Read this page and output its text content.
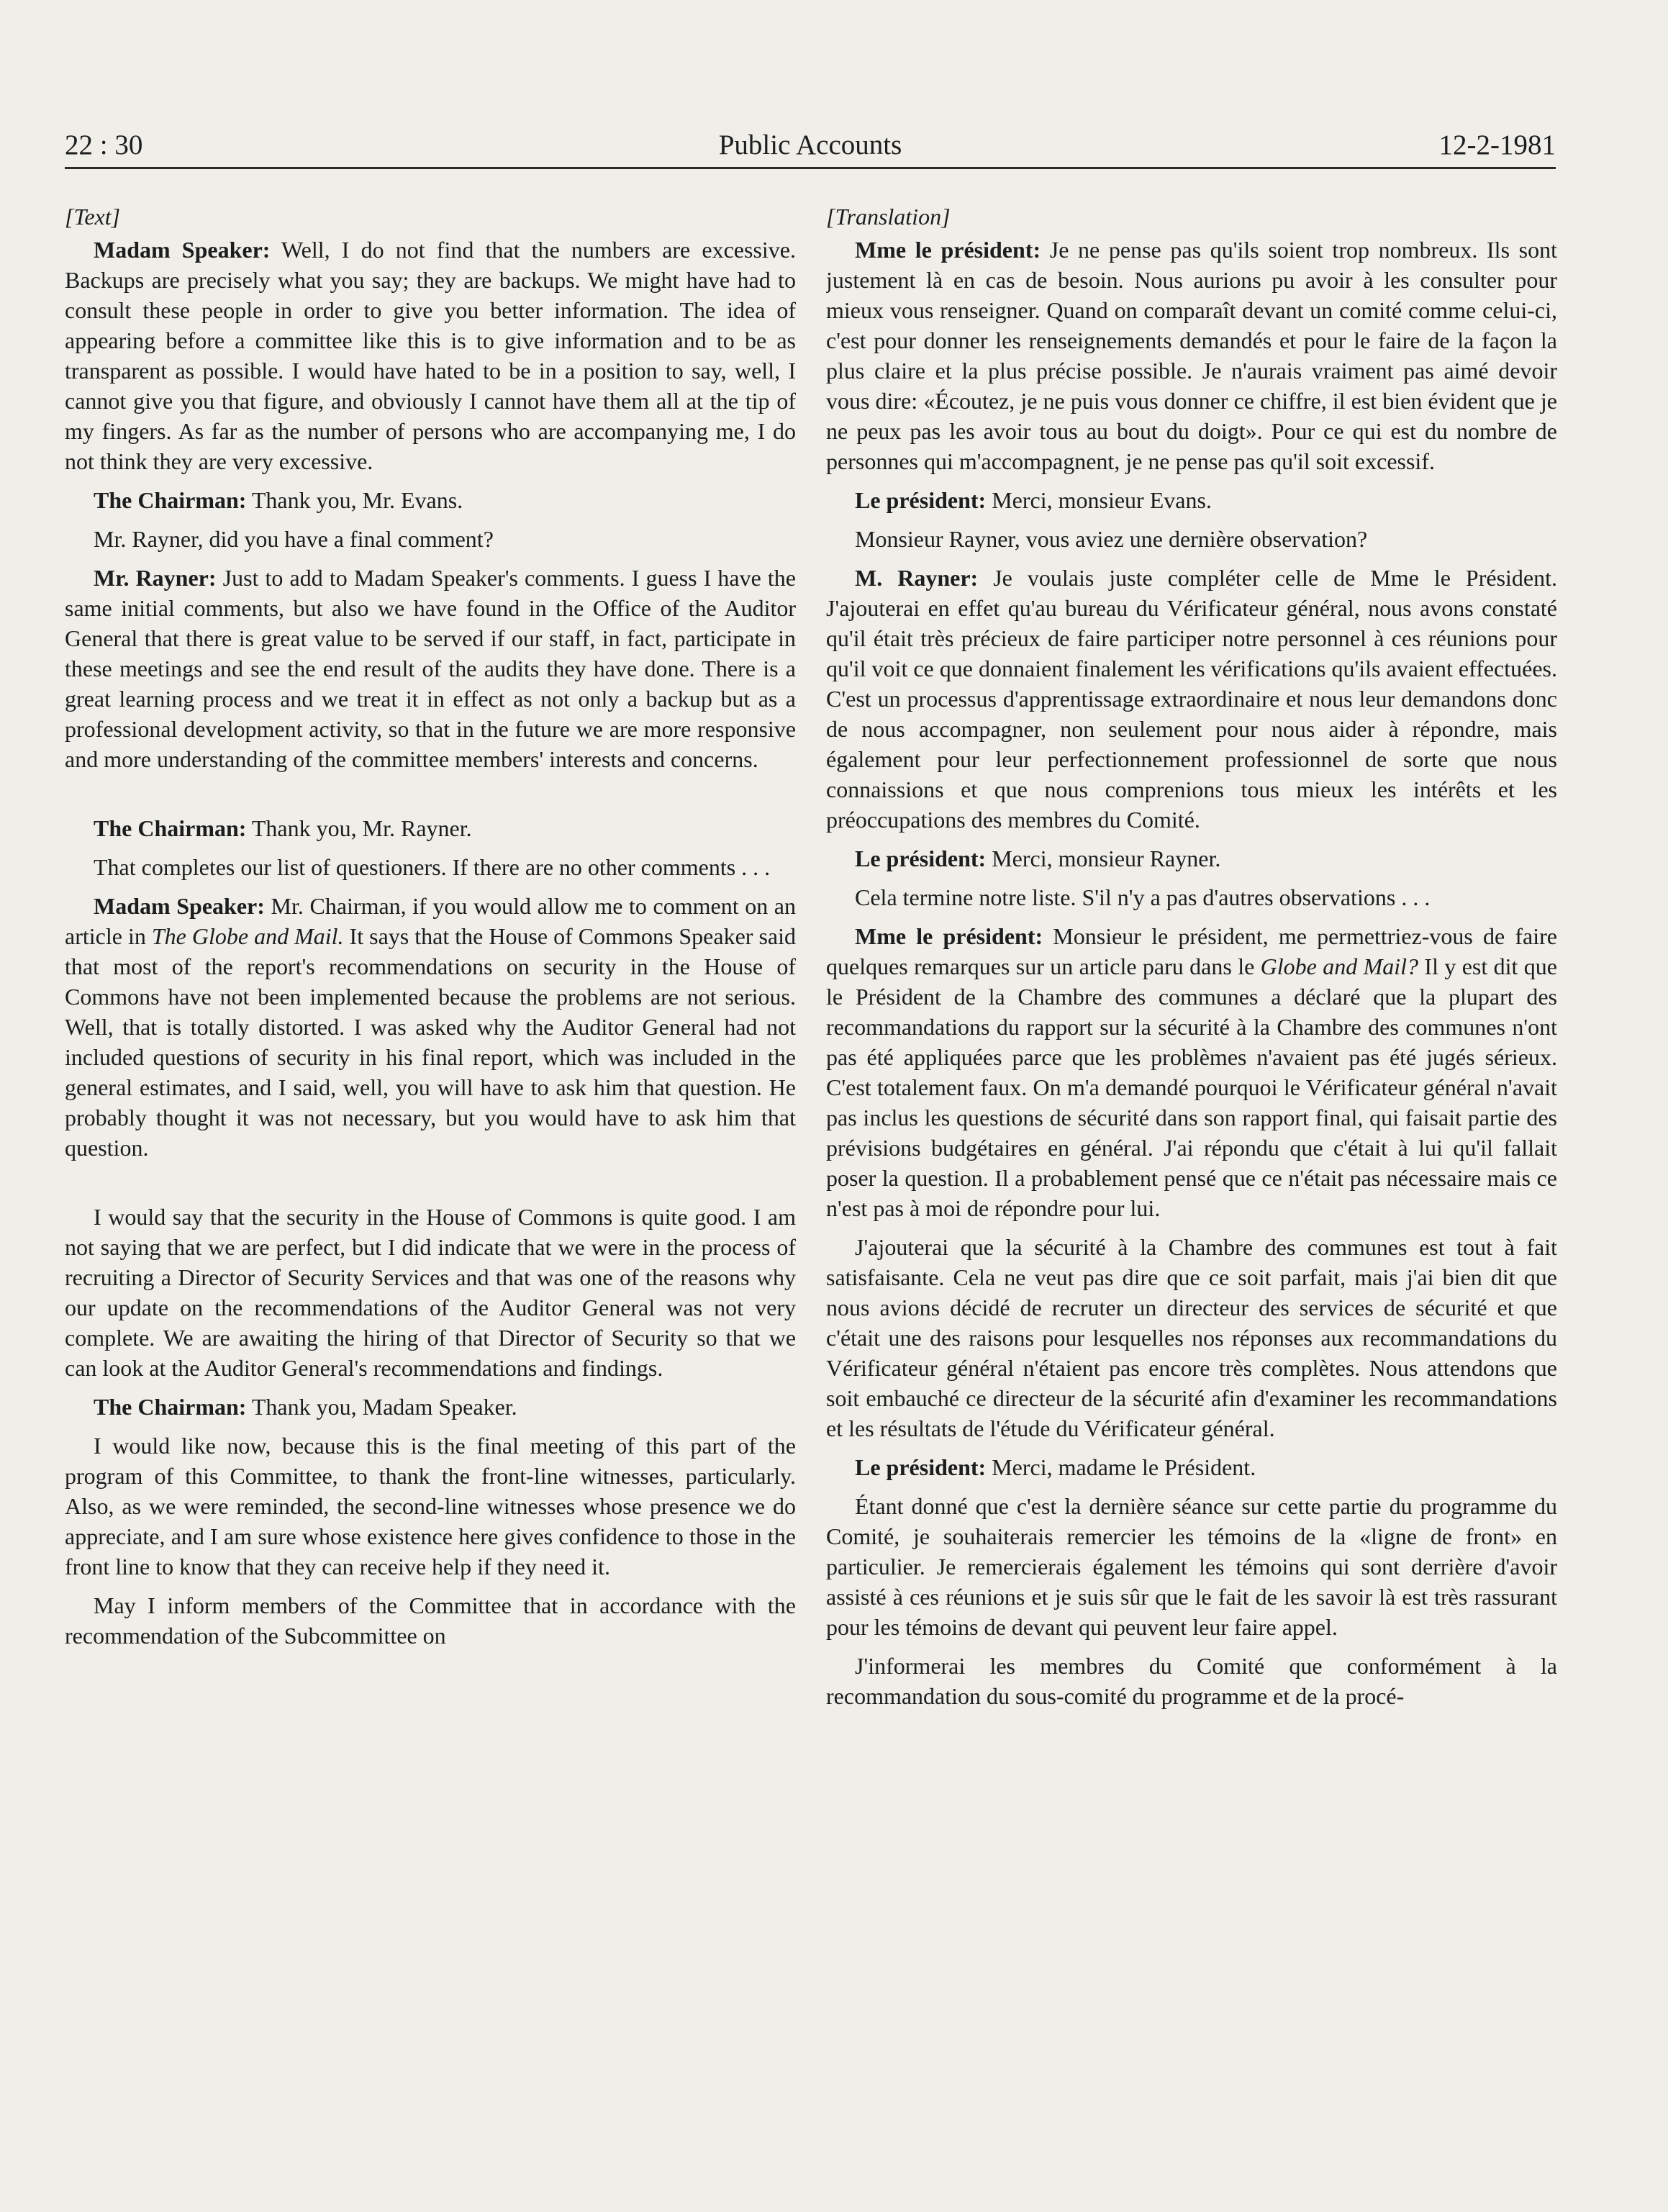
22 : 30	Public Accounts	12-2-1981
[Text]

Madam Speaker: Well, I do not find that the numbers are excessive. Backups are precisely what you say; they are backups. We might have had to consult these people in order to give you better information. The idea of appearing before a committee like this is to give information and to be as transparent as possible. I would have hated to be in a position to say, well, I cannot give you that figure, and obviously I cannot have them all at the tip of my fingers. As far as the number of persons who are accompanying me, I do not think they are very excessive.

The Chairman: Thank you, Mr. Evans.

Mr. Rayner, did you have a final comment?

Mr. Rayner: Just to add to Madam Speaker's comments. I guess I have the same initial comments, but also we have found in the Office of the Auditor General that there is great value to be served if our staff, in fact, participate in these meetings and see the end result of the audits they have done. There is a great learning process and we treat it in effect as not only a backup but as a professional development activity, so that in the future we are more responsive and more understanding of the committee members' interests and concerns.

The Chairman: Thank you, Mr. Rayner.

That completes our list of questioners. If there are no other comments . . .

Madam Speaker: Mr. Chairman, if you would allow me to comment on an article in The Globe and Mail. It says that the House of Commons Speaker said that most of the report's recommendations on security in the House of Commons have not been implemented because the problems are not serious. Well, that is totally distorted. I was asked why the Auditor General had not included questions of security in his final report, which was included in the general estimates, and I said, well, you will have to ask him that question. He probably thought it was not necessary, but you would have to ask him that question.

I would say that the security in the House of Commons is quite good. I am not saying that we are perfect, but I did indicate that we were in the process of recruiting a Director of Security Services and that was one of the reasons why our update on the recommendations of the Auditor General was not very complete. We are awaiting the hiring of that Director of Security so that we can look at the Auditor General's recommendations and findings.

The Chairman: Thank you, Madam Speaker.

I would like now, because this is the final meeting of this part of the program of this Committee, to thank the front-line witnesses, particularly. Also, as we were reminded, the second-line witnesses whose presence we do appreciate, and I am sure whose existence here gives confidence to those in the front line to know that they can receive help if they need it.

May I inform members of the Committee that in accordance with the recommendation of the Subcommittee on

[Translation]

Mme le président: Je ne pense pas qu'ils soient trop nombreux. Ils sont justement là en cas de besoin. Nous aurions pu avoir à les consulter pour mieux vous renseigner. Quand on comparaît devant un comité comme celui-ci, c'est pour donner les renseignements demandés et pour le faire de la façon la plus claire et la plus précise possible. Je n'aurais vraiment pas aimé devoir vous dire: «Écoutez, je ne puis vous donner ce chiffre, il est bien évident que je ne peux pas les avoir tous au bout du doigt». Pour ce qui est du nombre de personnes qui m'accompagnent, je ne pense pas qu'il soit excessif.

Le président: Merci, monsieur Evans.

Monsieur Rayner, vous aviez une dernière observation?

M. Rayner: Je voulais juste compléter celle de Mme le Président. J'ajouterai en effet qu'au bureau du Vérificateur général, nous avons constaté qu'il était très précieux de faire participer notre personnel à ces réunions pour qu'il voit ce que donnaient finalement les vérifications qu'ils avaient effectuées. C'est un processus d'apprentissage extraordinaire et nous leur demandons donc de nous accompagner, non seulement pour nous aider à répondre, mais également pour leur perfectionnement professionnel de sorte que nous connaissions et que nous comprenions tous mieux les intérêts et les préoccupations des membres du Comité.

Le président: Merci, monsieur Rayner.

Cela termine notre liste. S'il n'y a pas d'autres observations . . .

Mme le président: Monsieur le président, me permettriez-vous de faire quelques remarques sur un article paru dans le Globe and Mail? Il y est dit que le Président de la Chambre des communes a déclaré que la plupart des recommandations du rapport sur la sécurité à la Chambre des communes n'ont pas été appliquées parce que les problèmes n'avaient pas été jugés sérieux. C'est totalement faux. On m'a demandé pourquoi le Vérificateur général n'avait pas inclus les questions de sécurité dans son rapport final, qui faisait partie des prévisions budgétaires en général. J'ai répondu que c'était à lui qu'il fallait poser la question. Il a probablement pensé que ce n'était pas nécessaire mais ce n'est pas à moi de répondre pour lui.

J'ajouterai que la sécurité à la Chambre des communes est tout à fait satisfaisante. Cela ne veut pas dire que ce soit parfait, mais j'ai bien dit que nous avions décidé de recruter un directeur des services de sécurité et que c'était une des raisons pour lesquelles nos réponses aux recommandations du Vérificateur général n'étaient pas encore très complètes. Nous attendons que soit embauché ce directeur de la sécurité afin d'examiner les recommandations et les résultats de l'étude du Vérificateur général.

Le président: Merci, madame le Président.

Étant donné que c'est la dernière séance sur cette partie du programme du Comité, je souhaiterais remercier les témoins de la «ligne de front» en particulier. Je remercierais également les témoins qui sont derrière d'avoir assisté à ces réunions et je suis sûr que le fait de les savoir là est très rassurant pour les témoins de devant qui peuvent leur faire appel.

J'informerai les membres du Comité que conformément à la recommandation du sous-comité du programme et de la procé-
